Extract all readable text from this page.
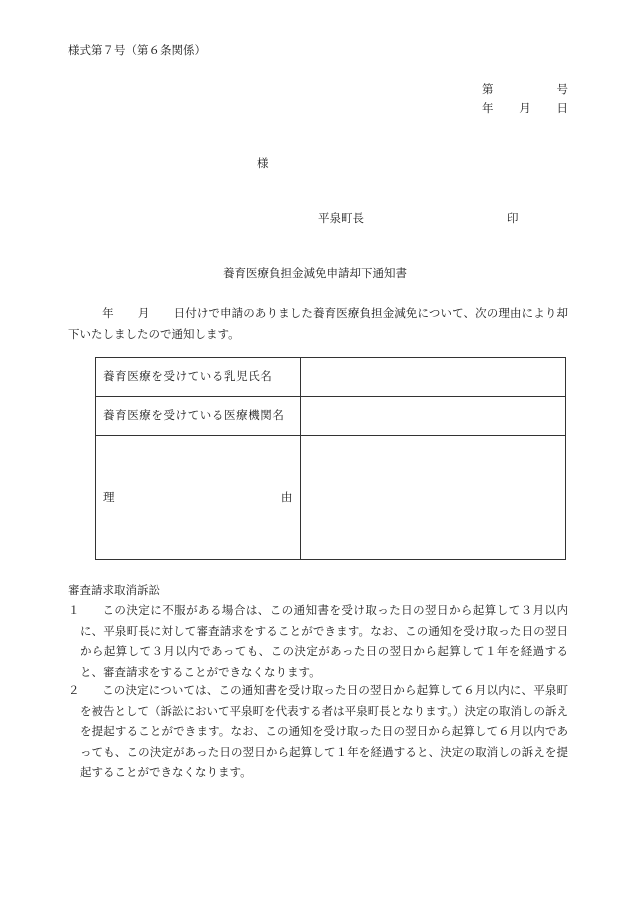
様式第７号（第６条関係）
第	号
年 月 日
様
平泉町長	印
養育医療負担金減免申請却下通知書
年 月 日付けで申請のありました養育医療負担金減免について、次の理由により却下いたしましたので通知します。
養育医療を受けている乳児氏名	
養育医療を受けている医療機関名	

理 由	

審査請求取消訴訟
１	この決定に不服がある場合は、この通知書を受け取った日の翌日から起算して３月以内に、平泉町長に対して審査請求をすることができます。なお、この通知を受け取った日の翌日から起算して３月以内であっても、この決定があった日の翌日から起算して１年を経過すると、審査請求をすることができなくなります。
２	この決定については、この通知書を受け取った日の翌日から起算して６月以内に、平泉町を被告として（訴訟において平泉町を代表する者は平泉町長となります。）決定の取消しの訴えを提起することができます。なお、この通知を受け取った日の翌日から起算して６月以内であっても、この決定があった日の翌日から起算して１年を経過すると、決定の取消しの訴えを提起することができなくなります。
